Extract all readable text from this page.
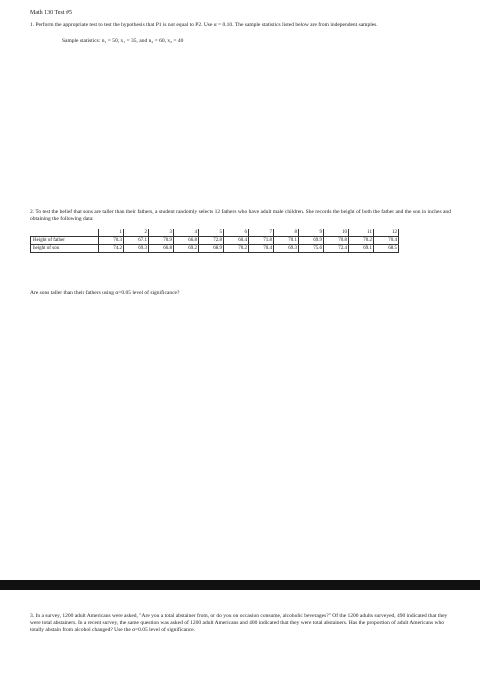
Math 130 Test #5
1. Perform the appropriate test to test the hypothesis that P1 is not equal to P2. Use α = 0.10. The sample statistics listed below are from independent samples.
Sample statistics: n₁ = 50, x₁ = 35, and n₂ = 60, x₂ = 40
2. To test the belief that sons are taller than their fathers, a student randomly selects 12 fathers who have adult male children. She records the height of both the father and the son in inches and obtaining the following data:
	1	2	3	4	5	6	7	8	9	10	11	12
Height of father	70.3	67.1	70.9	66.8	72.8	60.4	71.8	70.1	69.9	70.8	70.2	70.4
height of son	74.2	69.3	66.8	69.2	68.9	70.2	70.4	69.3	75.6	72.4	69.1	68.5
Are sons taller than their fathers using α=0.05 level of significance?
3. In a survey, 1200 adult Americans were asked, "Are you a total abstainer from, or do you on occasion consume, alcoholic beverages?" Of the 1200 adults surveyed, 490 indicated that they were total abstainers. In a recent survey, the same question was asked of 1200 adult Americans and 400 indicated that they were total abstainers. Has the proportion of adult Americans who totally abstain from alcohol changed? Use the α=0.05 level of significance.
